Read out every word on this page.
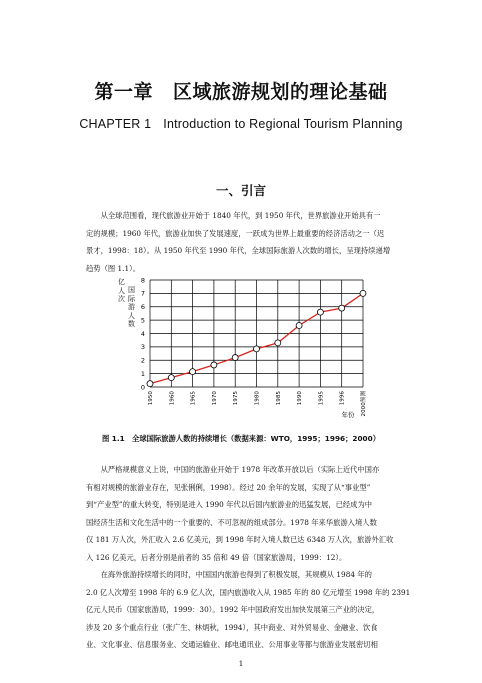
第一章 区域旅游规划的理论基础
CHAPTER 1 Introduction to Regional Tourism Planning
一、引言

从全球范围看，现代旅游业开始于 1840 年代，到 1950 年代，世界旅游业开始具有一
定的规模；1960 年代，旅游业加快了发展速度，一跃成为世界上最重要的经济活动之一（迟
景才，1998：18）。从 1950 年代至 1990 年代，全球国际旅游人次数的增长，呈现持续递增
趋势（图 1.1）。

亿
人
次
国
际
游
人
数
0
1
2
3
4
5
6
7
8
1950	1960	1965	1970	1975	1980	1985	1990	1995	1996	2000预测
年份
图 1.1　全球国际旅游人数的持续增长（数据来源：WTO，1995；1996；2000）

从严格规模意义上说，中国的旅游业开始于 1978 年改革开放以后（实际上近代中国亦
有相对规模的旅游业存在，见张俐俐，1998）。经过 20 余年的发展，实现了从“事业型”
到“产业型”的重大转变，特别是进入 1990 年代以后国内旅游业的迅猛发展，已经成为中
国经济生活和文化生活中的一个重要的、不可忽视的组成部分。1978 年来华旅游入境人数
仅 181 万人次，外汇收入 2.6 亿美元，到 1998 年时入境人数已达 6348 万人次，旅游外汇收
入 126 亿美元，后者分别是前者的 35 倍和 49 倍（国家旅游局，1999：12）。

在海外旅游持续增长的同时，中国国内旅游也得到了积极发展，其规模从 1984 年的
2.0 亿人次增至 1998 年的 6.9 亿人次，国内旅游收入从 1985 年的 80 亿元增至 1998 年的 2391
亿元人民币（国家旅游局，1999：30）。1992 年中国政府发出加快发展第三产业的决定，
涉及 20 多个重点行业（张广生、林炳秋，1994），其中商业、对外贸易业、金融业、饮食
业、文化事业、信息服务业、交通运输业、邮电通讯业、公用事业等都与旅游业发展密切相

1
